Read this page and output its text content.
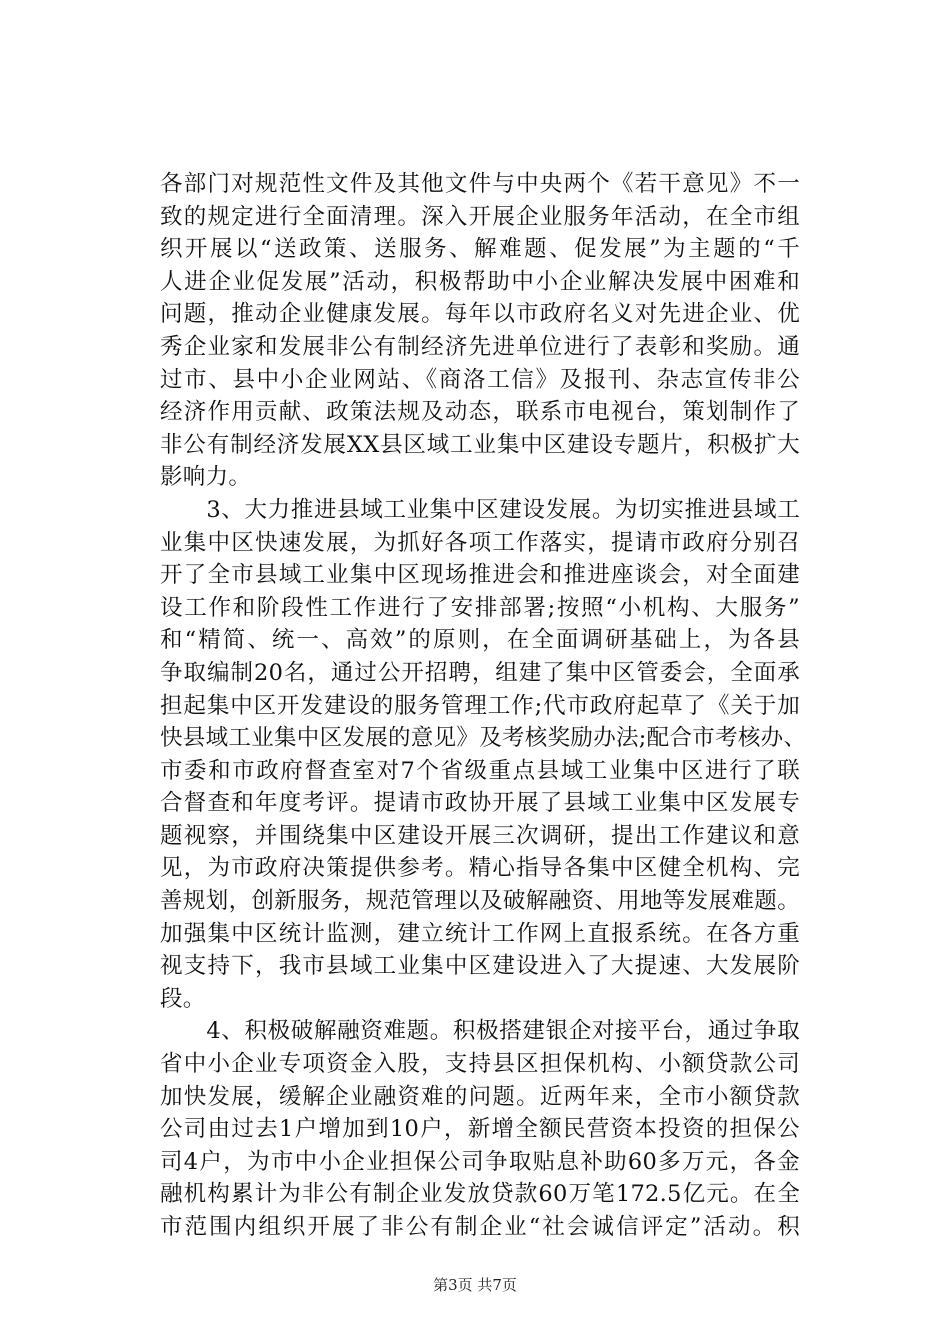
各部门对规范性文件及其他文件与中央两个《若干意见》不一
致的规定进行全面清理。深入开展企业服务年活动，在全市组
织开展以“送政策、送服务、解难题、促发展”为主题的“千
人进企业促发展”活动，积极帮助中小企业解决发展中困难和
问题，推动企业健康发展。每年以市政府名义对先进企业、优
秀企业家和发展非公有制经济先进单位进行了表彰和奖励。通
过市、县中小企业网站、《商洛工信》及报刊、杂志宣传非公
经济作用贡献、政策法规及动态，联系市电视台，策划制作了
非公有制经济发展XX县区域工业集中区建设专题片，积极扩大
影响力。
　　3、大力推进县域工业集中区建设发展。为切实推进县域工
业集中区快速发展，为抓好各项工作落实，提请市政府分别召
开了全市县域工业集中区现场推进会和推进座谈会，对全面建
设工作和阶段性工作进行了安排部署;按照“小机构、大服务”
和“精简、统一、高效”的原则，在全面调研基础上，为各县
争取编制20名，通过公开招聘，组建了集中区管委会，全面承
担起集中区开发建设的服务管理工作;代市政府起草了《关于加
快县域工业集中区发展的意见》及考核奖励办法;配合市考核办、
市委和市政府督查室对7个省级重点县域工业集中区进行了联
合督查和年度考评。提请市政协开展了县域工业集中区发展专
题视察，并围绕集中区建设开展三次调研，提出工作建议和意
见，为市政府决策提供参考。精心指导各集中区健全机构、完
善规划，创新服务，规范管理以及破解融资、用地等发展难题。
加强集中区统计监测，建立统计工作网上直报系统。在各方重
视支持下，我市县域工业集中区建设进入了大提速、大发展阶
段。
　　4、积极破解融资难题。积极搭建银企对接平台，通过争取
省中小企业专项资金入股，支持县区担保机构、小额贷款公司
加快发展，缓解企业融资难的问题。近两年来，全市小额贷款
公司由过去1户增加到10户，新增全额民营资本投资的担保公
司4户，为市中小企业担保公司争取贴息补助60多万元，各金
融机构累计为非公有制企业发放贷款60万笔172.5亿元。在全
市范围内组织开展了非公有制企业“社会诚信评定”活动。积
第3页 共7页
